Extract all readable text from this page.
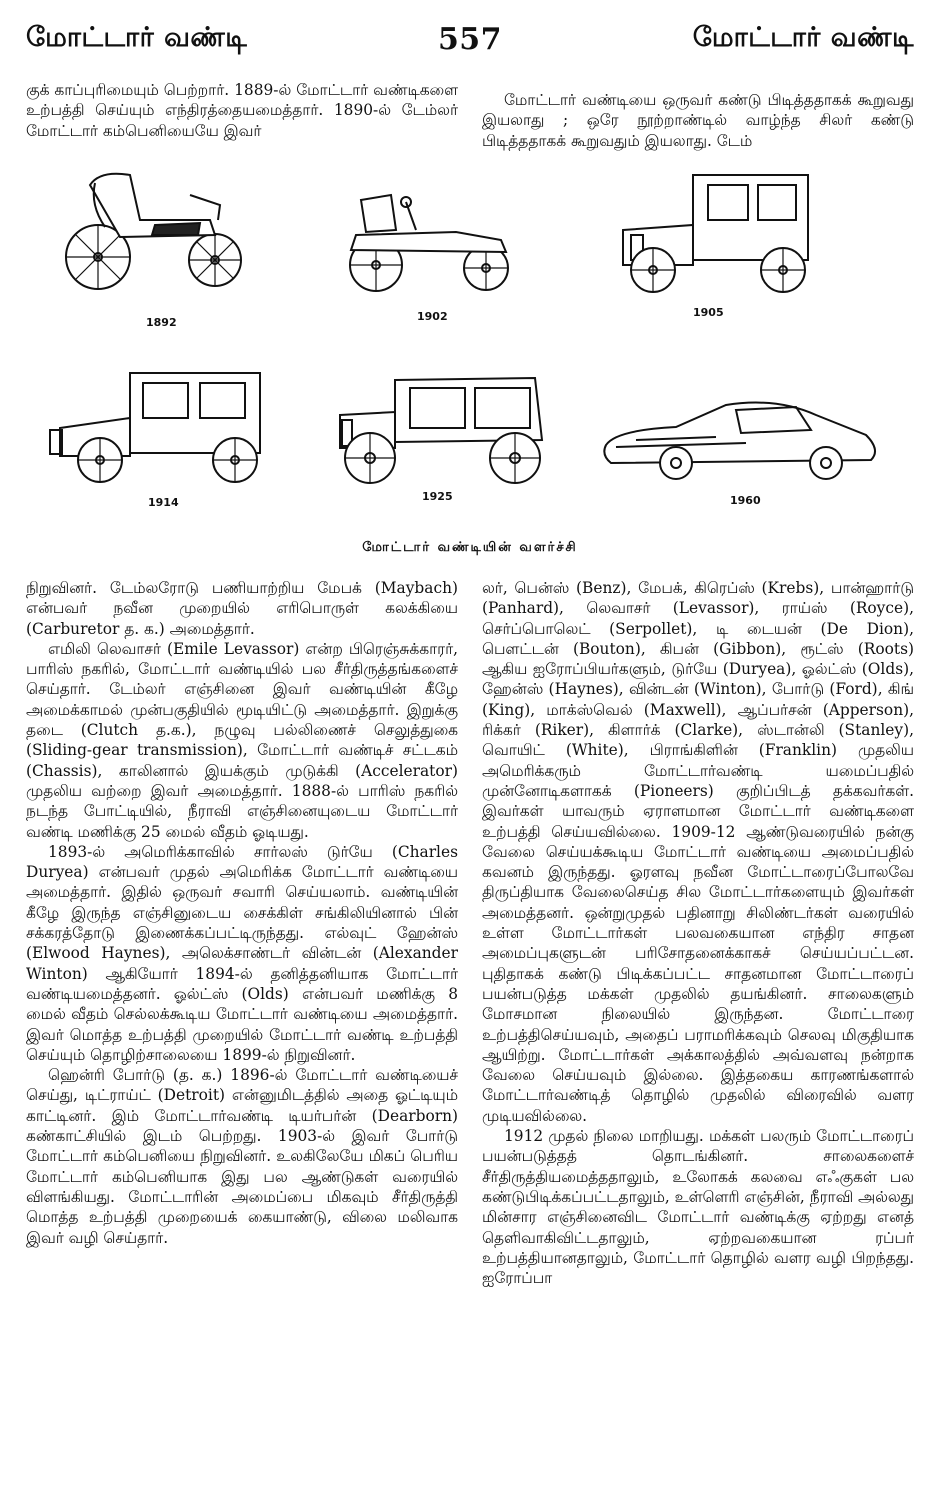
மோட்டார் வண்டி	557	மோட்டார் வண்டி

குக் காப்புரிமையும் பெற்றார். 1889-ல் மோட்டார் வண்டிகளை உற்பத்தி செய்யும் எந்திரத்தையமைத்தார். 1890-ல் டேம்லர் மோட்டார் கம்பெனியையே இவர்

மோட்டார் வண்டியை ஒருவர் கண்டு பிடித்ததாகக் கூறுவது இயலாது ; ஒரே நூற்றாண்டில் வாழ்ந்த சிலர் கண்டு பிடித்ததாகக் கூறுவதும் இயலாது. டேம்

1892	1902	1905
1914	1925	1960
மோட்டார் வண்டியின் வளர்ச்சி

நிறுவினர். டேம்லரோடு பணியாற்றிய மேபக் (Maybach) என்பவர் நவீன முறையில் எரிபொருள் கலக்கியை (Carburetor த. க.) அமைத்தார்.

எமிலி லெவாசர் (Emile Levassor) என்ற பிரெஞ்சுக்காரர், பாரிஸ் நகரில், மோட்டார் வண்டியில் பல சீர்திருத்தங்களைச் செய்தார். டேம்லர் எஞ்சினை இவர் வண்டியின் கீழே அமைக்காமல் முன்பகுதியில் மூடியிட்டு அமைத்தார். இறுக்கு தடை (Clutch த.க.), நழுவு பல்லிணைச் செலுத்துகை (Sliding-gear transmission), மோட்டார் வண்டிச் சட்டகம் (Chassis), காலினால் இயக்கும் முடுக்கி (Accelerator) முதலிய வற்றை இவர் அமைத்தார். 1888-ல் பாரிஸ் நகரில் நடந்த போட்டியில், நீராவி எஞ்சினையுடைய மோட்டார் வண்டி மணிக்கு 25 மைல் வீதம் ஓடியது.

1893-ல் அமெரிக்காவில் சார்லஸ் டுர்யே (Charles Duryea) என்பவர் முதல் அமெரிக்க மோட்டார் வண்டியை அமைத்தார். இதில் ஒருவர் சவாரி செய்யலாம். வண்டியின் கீழே இருந்த எஞ்சினுடைய சைக்கிள் சங்கிலியினால் பின் சக்கரத்தோடு இணைக்கப்பட்டிருந்தது. எல்வுட் ஹேன்ஸ் (Elwood Haynes), அலெக்சாண்டர் வின்டன் (Alexander Winton) ஆகியோர் 1894-ல் தனித்தனியாக மோட்டார் வண்டியமைத்தனர். ஓல்ட்ஸ் (Olds) என்பவர் மணிக்கு 8 மைல் வீதம் செல்லக்கூடிய மோட்டார் வண்டியை அமைத்தார். இவர் மொத்த உற்பத்தி முறையில் மோட்டார் வண்டி உற்பத்தி செய்யும் தொழிற்சாலையை 1899-ல் நிறுவினர்.

ஹென்ரி போர்டு (த. க.) 1896-ல் மோட்டார் வண்டியைச் செய்து, டிட்ராய்ட் (Detroit) என்னுமிடத்தில் அதை ஓட்டியும் காட்டினர். இம் மோட்டார்வண்டி டியர்பர்ன் (Dearborn) கண்காட்சியில் இடம் பெற்றது. 1903-ல் இவர் போர்டு மோட்டார் கம்பெனியை நிறுவினர். உலகிலேயே மிகப் பெரிய மோட்டார் கம்பெனியாக இது பல ஆண்டுகள் வரையில் விளங்கியது. மோட்டாரின் அமைப்பை மிகவும் சீர்திருத்தி மொத்த உற்பத்தி முறையைக் கையாண்டு, விலை மலிவாக இவர் வழி செய்தார்.

லர், பென்ஸ் (Benz), மேபக், கிரெப்ஸ் (Krebs), பான்ஹார்டு (Panhard), லெவாசர் (Levassor), ராய்ஸ் (Royce), செர்ப்பொலெட் (Serpollet), டி டையன் (De Dion), பௌட்டன் (Bouton), கிபன் (Gibbon), ரூட்ஸ் (Roots) ஆகிய ஐரோப்பியர்களும், டுர்யே (Duryea), ஓல்ட்ஸ் (Olds), ஹேன்ஸ் (Haynes), வின்டன் (Winton), போர்டு (Ford), கிங் (King), மாக்ஸ்வெல் (Maxwell), ஆப்பர்சன் (Apperson), ரிக்கர் (Riker), கிளார்க் (Clarke), ஸ்டான்லி (Stanley), வொயிட் (White), பிராங்கிளின் (Franklin) முதலிய அமெரிக்கரும் மோட்டார்வண்டி யமைப்பதில் முன்னோடிகளாகக் (Pioneers) குறிப்பிடத் தக்கவர்கள். இவர்கள் யாவரும் ஏராளமான மோட்டார் வண்டிகளை உற்பத்தி செய்யவில்லை. 1909-12 ஆண்டுவரையில் நன்கு வேலை செய்யக்கூடிய மோட்டார் வண்டியை அமைப்பதில் கவனம் இருந்தது. ஓரளவு நவீன மோட்டாரைப்போலவே திருப்தியாக வேலைசெய்த சில மோட்டார்களையும் இவர்கள் அமைத்தனர். ஒன்றுமுதல் பதினாறு சிலிண்டர்கள் வரையில் உள்ள மோட்டார்கள் பலவகையான எந்திர சாதன அமைப்புகளுடன் பரிசோதனைக்காகச் செய்யப்பட்டன. புதிதாகக் கண்டு பிடிக்கப்பட்ட சாதனமான மோட்டாரைப் பயன்படுத்த மக்கள் முதலில் தயங்கினர். சாலைகளும் மோசமான நிலையில் இருந்தன. மோட்டாரை உற்பத்திசெய்யவும், அதைப் பராமரிக்கவும் செலவு மிகுதியாக ஆயிற்று. மோட்டார்கள் அக்காலத்தில் அவ்வளவு நன்றாக வேலை செய்யவும் இல்லை. இத்தகைய காரணங்களால் மோட்டார்வண்டித் தொழில் முதலில் விரைவில் வளர முடியவில்லை.

1912 முதல் நிலை மாறியது. மக்கள் பலரும் மோட்டாரைப் பயன்படுத்தத் தொடங்கினர். சாலைகளைச் சீர்திருத்தியமைத்ததாலும், உலோகக் கலவை எஃகுகள் பல கண்டுபிடிக்கப்பட்டதாலும், உள்ளெரி எஞ்சின், நீராவி அல்லது மின்சார எஞ்சினைவிட மோட்டார் வண்டிக்கு ஏற்றது எனத் தெளிவாகிவிட்டதாலும், ஏற்றவகையான ரப்பர் உற்பத்தியானதாலும், மோட்டார் தொழில் வளர வழி பிறந்தது. ஐரோப்பா
